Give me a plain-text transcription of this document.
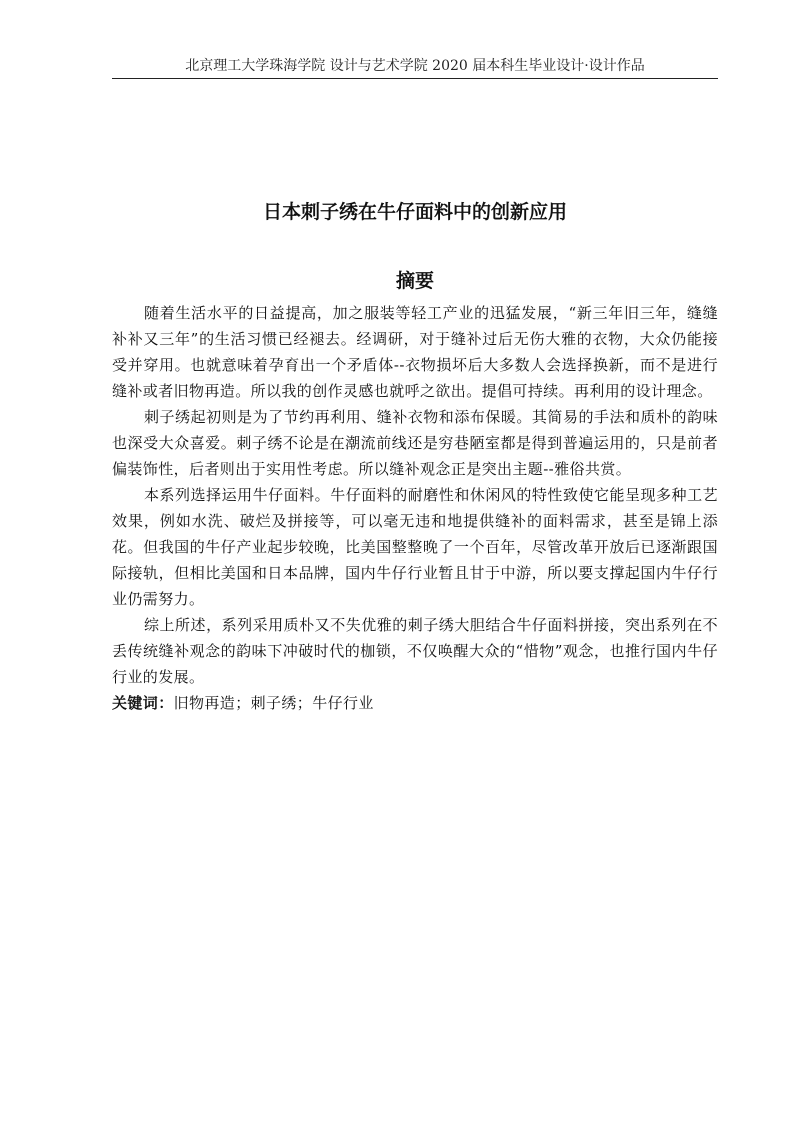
北京理工大学珠海学院 设计与艺术学院 2020 届本科生毕业设计·设计作品
日本刺子绣在牛仔面料中的创新应用
摘要

随着生活水平的日益提高，加之服装等轻工产业的迅猛发展，“新三年旧三年，缝缝补补又三年”的生活习惯已经褪去。经调研，对于缝补过后无伤大雅的衣物，大众仍能接受并穿用。也就意味着孕育出一个矛盾体--衣物损坏后大多数人会选择换新，而不是进行缝补或者旧物再造。所以我的创作灵感也就呼之欲出。提倡可持续。再利用的设计理念。

刺子绣起初则是为了节约再利用、缝补衣物和添布保暖。其简易的手法和质朴的韵味也深受大众喜爱。刺子绣不论是在潮流前线还是穷巷陋室都是得到普遍运用的，只是前者偏装饰性，后者则出于实用性考虑。所以缝补观念正是突出主题--雅俗共赏。

本系列选择运用牛仔面料。牛仔面料的耐磨性和休闲风的特性致使它能呈现多种工艺效果，例如水洗、破烂及拼接等，可以毫无违和地提供缝补的面料需求，甚至是锦上添花。但我国的牛仔产业起步较晚，比美国整整晚了一个百年，尽管改革开放后已逐渐跟国际接轨，但相比美国和日本品牌，国内牛仔行业暂且甘于中游，所以要支撑起国内牛仔行业仍需努力。

综上所述，系列采用质朴又不失优雅的刺子绣大胆结合牛仔面料拼接，突出系列在不丢传统缝补观念的韵味下冲破时代的枷锁，不仅唤醒大众的“惜物”观念，也推行国内牛仔行业的发展。

关键词：旧物再造；刺子绣；牛仔行业
